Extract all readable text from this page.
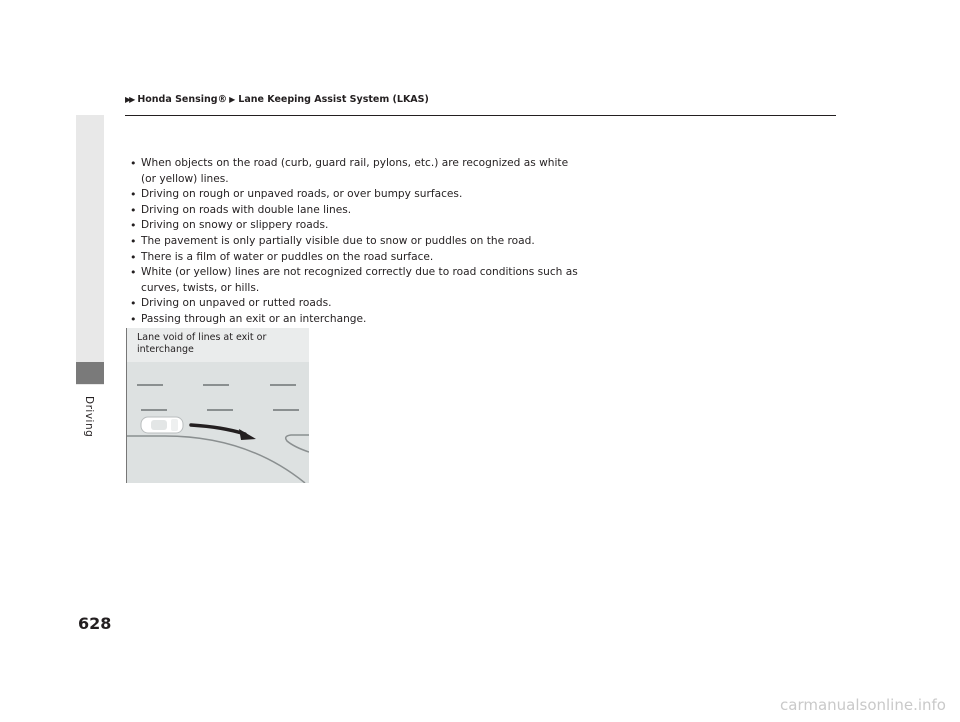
Driving
▶▶ Honda Sensing® ▶ Lane Keeping Assist System (LKAS)
• When objects on the road (curb, guard rail, pylons, etc.) are recognized as white (or yellow) lines.
• Driving on rough or unpaved roads, or over bumpy surfaces.
• Driving on roads with double lane lines.
• Driving on snowy or slippery roads.
• The pavement is only partially visible due to snow or puddles on the road.
• There is a film of water or puddles on the road surface.
• White (or yellow) lines are not recognized correctly due to road conditions such as curves, twists, or hills.
• Driving on unpaved or rutted roads.
• Passing through an exit or an interchange.
Lane void of lines at exit or interchange
628
carmanualsonline.info
